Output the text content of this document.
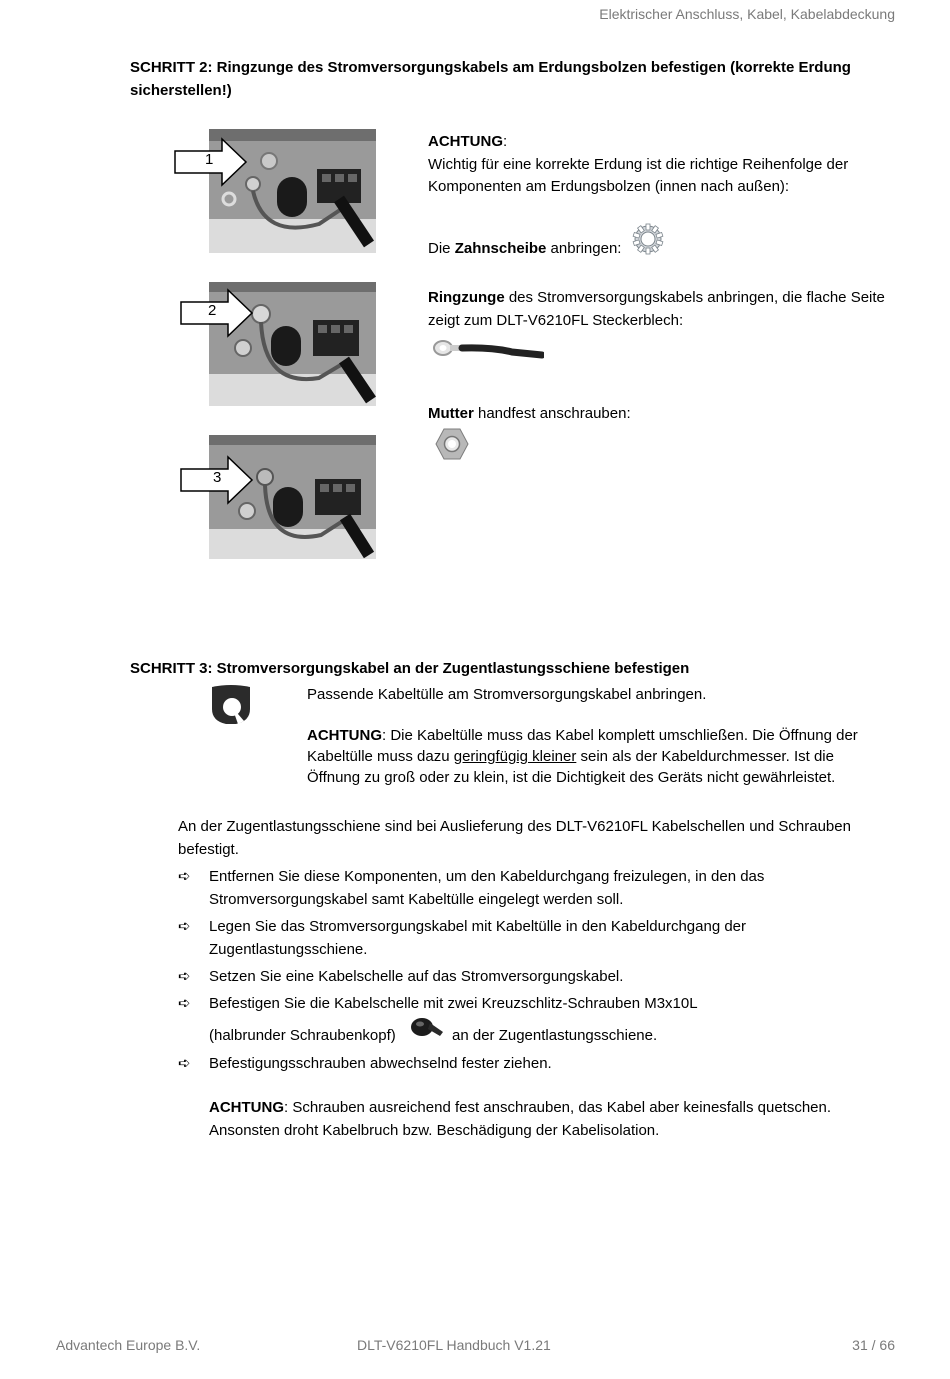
Elektrischer Anschluss, Kabel, Kabelabdeckung
SCHRITT 2: Ringzunge des Stromversorgungskabels am Erdungsbolzen befestigen (korrekte Erdung sicherstellen!)
1
2
3
ACHTUNG:
Wichtig für eine korrekte Erdung ist die richtige Reihenfolge der Komponenten am Erdungsbolzen (innen nach außen):
Die Zahnscheibe anbringen:
Ringzunge des Stromversorgungskabels anbringen, die flache Seite zeigt zum DLT-V6210FL Steckerblech:
Mutter handfest anschrauben:
SCHRITT 3: Stromversorgungskabel an der Zugentlastungsschiene befestigen
Passende Kabeltülle am Stromversorgungskabel anbringen.
ACHTUNG: Die Kabeltülle muss das Kabel komplett umschließen. Die Öffnung der Kabeltülle muss dazu geringfügig kleiner sein als der Kabeldurchmesser. Ist die Öffnung zu groß oder zu klein, ist die Dichtigkeit des Geräts nicht gewährleistet.
An der Zugentlastungsschiene sind bei Auslieferung des DLT-V6210FL Kabelschellen und Schrauben befestigt.
➪	Entfernen Sie diese Komponenten, um den Kabeldurchgang freizulegen, in den das Stromversorgungskabel samt Kabeltülle eingelegt werden soll.
➪	Legen Sie das Stromversorgungskabel mit Kabeltülle in den Kabeldurchgang der Zugentlastungsschiene.
➪	Setzen Sie eine Kabelschelle auf das Stromversorgungskabel.
➪	Befestigen Sie die Kabelschelle mit zwei Kreuzschlitz-Schrauben M3x10L
(halbrunder Schraubenkopf)	an der Zugentlastungsschiene.
➪	Befestigungsschrauben abwechselnd fester ziehen.
ACHTUNG: Schrauben ausreichend fest anschrauben, das Kabel aber keinesfalls quetschen. Ansonsten droht Kabelbruch bzw. Beschädigung der Kabelisolation.
Advantech Europe B.V.	DLT-V6210FL Handbuch V1.21	31 / 66
